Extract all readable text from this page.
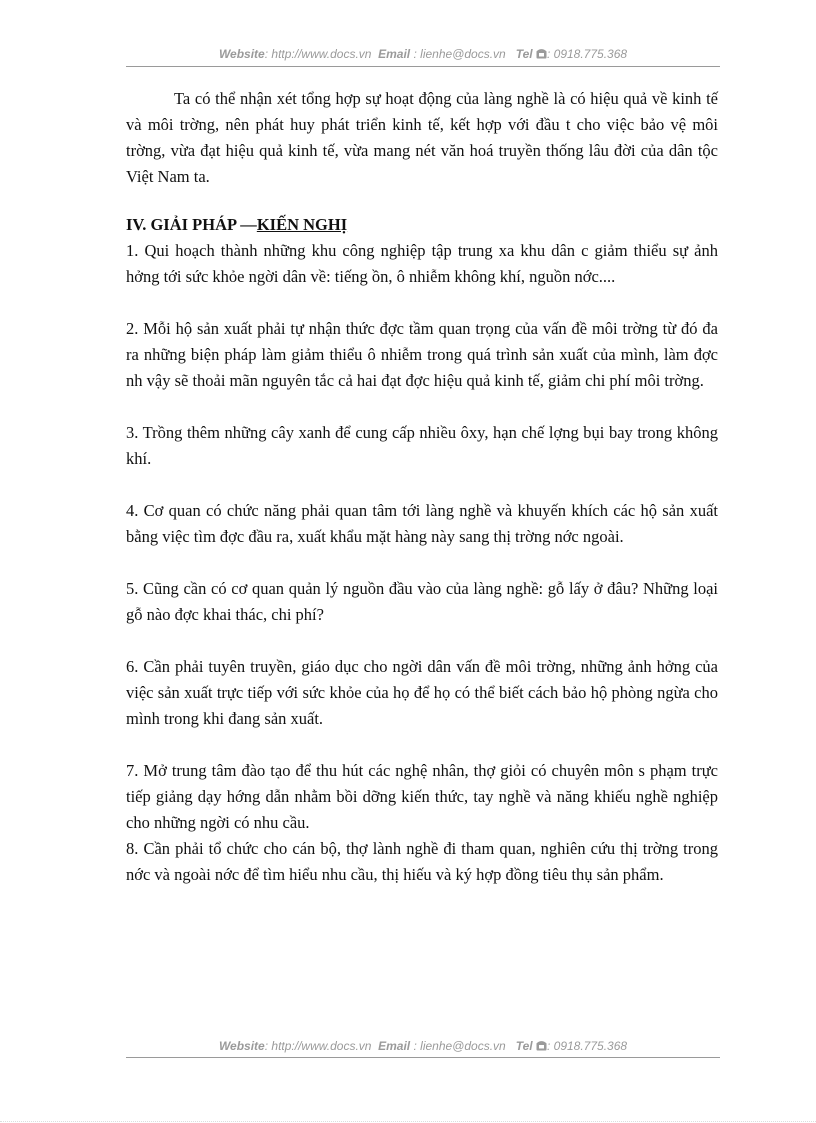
Website: http://www.docs.vn Email : lienhe@docs.vn Tel : 0918.775.368

Ta có thể nhận xét tổng hợp sự hoạt động của làng nghề là có hiệu quả về kinh tế và môi trờng, nên phát huy phát triển kinh tế, kết hợp với đầu t cho việc bảo vệ môi trờng, vừa đạt hiệu quả kinh tế, vừa mang nét văn hoá truyền thống lâu đời của dân tộc Việt Nam ta.

IV. GIẢI PHÁP —KIẾN NGHỊ

1. Qui hoạch thành những khu công nghiệp tập trung xa khu dân c giảm thiểu sự ảnh hởng tới sức khỏe ngời dân về: tiếng ồn, ô nhiễm không khí, nguồn nớc....

2. Mỗi hộ sản xuất phải tự nhận thức đợc tầm quan trọng của vấn đề môi trờng từ đó đa ra những biện pháp làm giảm thiểu ô nhiễm trong quá trình sản xuất của mình, làm đợc nh vậy sẽ thoải mãn nguyên tắc cả hai đạt đợc hiệu quả kinh tế, giảm chi phí môi trờng.

3. Trồng thêm những cây xanh để cung cấp nhiều ôxy, hạn chế lợng bụi bay trong không khí.

4. Cơ quan có chức năng phải quan tâm tới làng nghề và khuyến khích các hộ sản xuất bằng việc tìm đợc đầu ra, xuất khẩu mặt hàng này sang thị trờng nớc ngoài.

5. Cũng cần có cơ quan quản lý nguồn đầu vào của làng nghề: gỗ lấy ở đâu? Những loại gỗ nào đợc khai thác, chi phí?

6. Cần phải tuyên truyền, giáo dục cho ngời dân vấn đề môi trờng, những ảnh hởng của việc sản xuất trực tiếp với sức khỏe của họ để họ có thể biết cách bảo hộ phòng ngừa cho mình trong khi đang sản xuất.

7. Mở trung tâm đào tạo để thu hút các nghệ nhân, thợ giỏi có chuyên môn s phạm trực tiếp giảng dạy hớng dẫn nhằm bồi dỡng kiến thức, tay nghề và năng khiếu nghề nghiệp cho những ngời có nhu cầu.

8. Cần phải tổ chức cho cán bộ, thợ lành nghề đi tham quan, nghiên cứu thị trờng trong nớc và ngoài nớc để tìm hiểu nhu cầu, thị hiếu và ký hợp đồng tiêu thụ sản phẩm.

Website: http://www.docs.vn Email : lienhe@docs.vn Tel : 0918.775.368
